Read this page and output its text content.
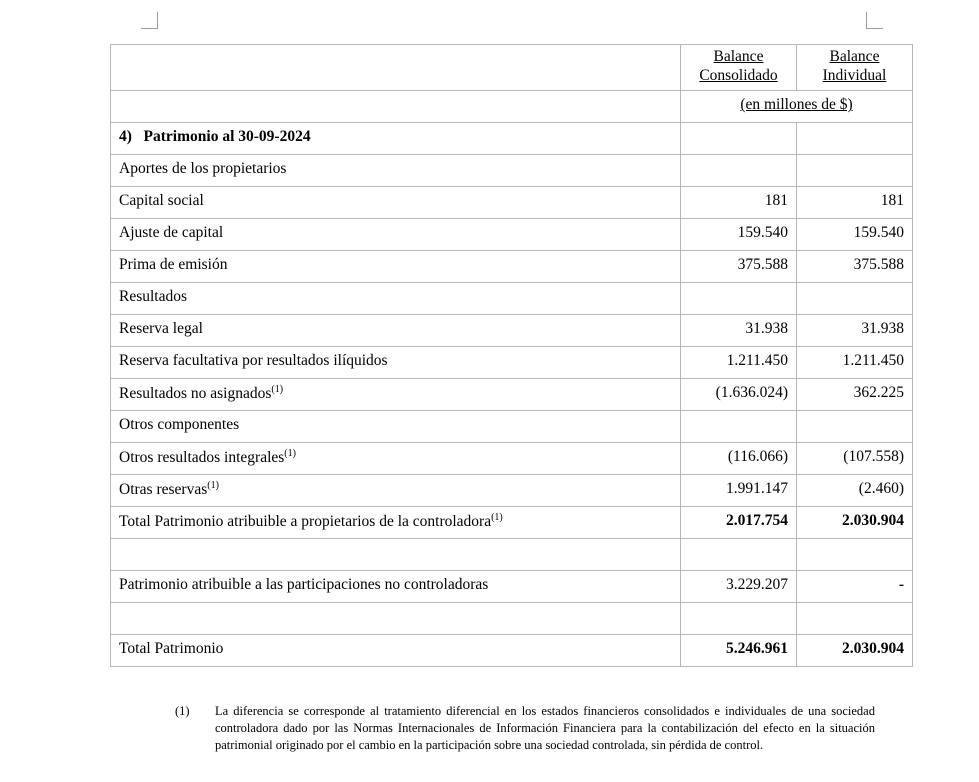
	Balance
Consolidado	Balance
Individual
	(en millones de $)	
4) Patrimonio al 30-09-2024		
Aportes de los propietarios		
Capital social	181	181
Ajuste de capital	159.540	159.540
Prima de emisión	375.588	375.588
Resultados		
Reserva legal	31.938	31.938
Reserva facultativa por resultados ilíquidos	1.211.450	1.211.450
Resultados no asignados$^{(1)}$	(1.636.024)	362.225
Otros componentes		
Otros resultados integrales$^{(1)}$	(116.066)	(107.558)
Otras reservas$^{(1)}$	1.991.147	(2.460)
Total Patrimonio atribuible a propietarios de la controladora$^{(1)}$	2.017.754	2.030.904

Patrimonio atribuible a las participaciones no controladoras	3.229.207	-

Total Patrimonio	5.246.961	2.030.904
(1)	La diferencia se corresponde al tratamiento diferencial en los estados financieros consolidados e individuales de una sociedad controladora dado por las Normas Internacionales de Información Financiera para la contabilización del efecto en la situación patrimonial originado por el cambio en la participación sobre una sociedad controlada, sin pérdida de control.
